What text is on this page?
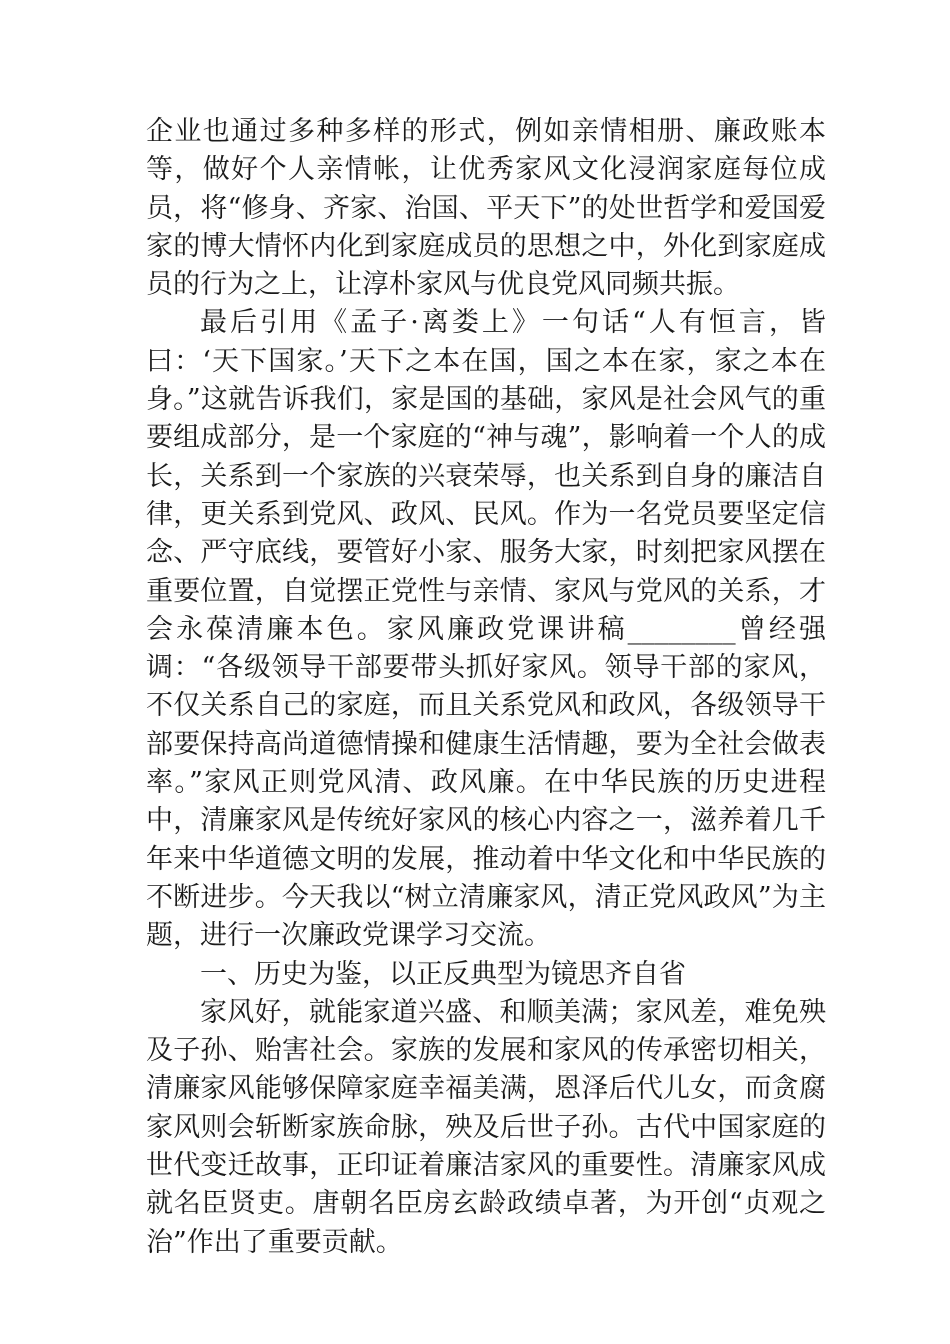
企业也通过多种多样的形式，例如亲情相册、廉政账本等，做好个人亲情帐，让优秀家风文化浸润家庭每位成员，将“修身、齐家、治国、平天下”的处世哲学和爱国爱家的博大情怀内化到家庭成员的思想之中，外化到家庭成员的行为之上，让淳朴家风与优良党风同频共振。

最后引用《孟子·离娄上》一句话“人有恒言，皆曰：‘天下国家。’天下之本在国，国之本在家，家之本在身。”这就告诉我们，家是国的基础，家风是社会风气的重要组成部分，是一个家庭的“神与魂”，影响着一个人的成长，关系到一个家族的兴衰荣辱，也关系到自身的廉洁自律，更关系到党风、政风、民风。作为一名党员要坚定信念、严守底线，要管好小家、服务大家，时刻把家风摆在重要位置，自觉摆正党性与亲情、家风与党风的关系，才会永葆清廉本色。家风廉政党课讲稿________曾经强调：“各级领导干部要带头抓好家风。领导干部的家风，不仅关系自己的家庭，而且关系党风和政风，各级领导干部要保持高尚道德情操和健康生活情趣，要为全社会做表率。”家风正则党风清、政风廉。在中华民族的历史进程中，清廉家风是传统好家风的核心内容之一，滋养着几千年来中华道德文明的发展，推动着中华文化和中华民族的不断进步。今天我以“树立清廉家风，清正党风政风”为主题，进行一次廉政党课学习交流。

一、历史为鉴，以正反典型为镜思齐自省

家风好，就能家道兴盛、和顺美满；家风差，难免殃及子孙、贻害社会。家族的发展和家风的传承密切相关，清廉家风能够保障家庭幸福美满，恩泽后代儿女，而贪腐家风则会斩断家族命脉，殃及后世子孙。古代中国家庭的世代变迁故事，正印证着廉洁家风的重要性。清廉家风成就名臣贤吏。唐朝名臣房玄龄政绩卓著，为开创“贞观之治”作出了重要贡献。
